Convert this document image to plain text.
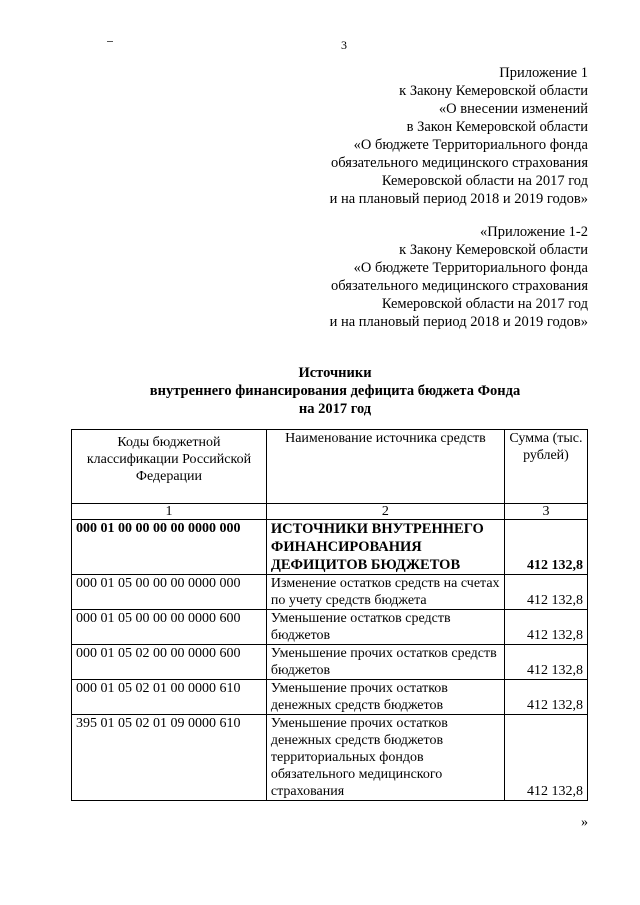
3
Приложение 1
к Закону Кемеровской области
«О внесении изменений
в Закон Кемеровской области
«О бюджете Территориального фонда
обязательного медицинского страхования
Кемеровской области на 2017 год
и на плановый период 2018 и 2019 годов»
«Приложение 1-2
к Закону Кемеровской области
«О бюджете Территориального фонда
обязательного медицинского страхования
Кемеровской области на 2017 год
и на плановый период 2018 и 2019 годов»
Источники
внутреннего финансирования дефицита бюджета Фонда
на 2017 год
Коды бюджетной классификации Российской Федерации	Наименование источника средств	Сумма (тыс. рублей)
1	2	3
000 01 00 00 00 00 0000 000	ИСТОЧНИКИ ВНУТРЕННЕГО ФИНАНСИРОВАНИЯ ДЕФИЦИТОВ БЮДЖЕТОВ	412 132,8
000 01 05 00 00 00 0000 000	Изменение остатков средств на счетах по учету средств бюджета	412 132,8
000 01 05 00 00 00 0000 600	Уменьшение остатков средств бюджетов	412 132,8
000 01 05 02 00 00 0000 600	Уменьшение прочих остатков средств бюджетов	412 132,8
000 01 05 02 01 00 0000 610	Уменьшение прочих остатков денежных средств бюджетов	412 132,8
395 01 05 02 01 09 0000 610	Уменьшение прочих остатков денежных средств бюджетов территориальных фондов обязательного медицинского страхования	412 132,8
»
